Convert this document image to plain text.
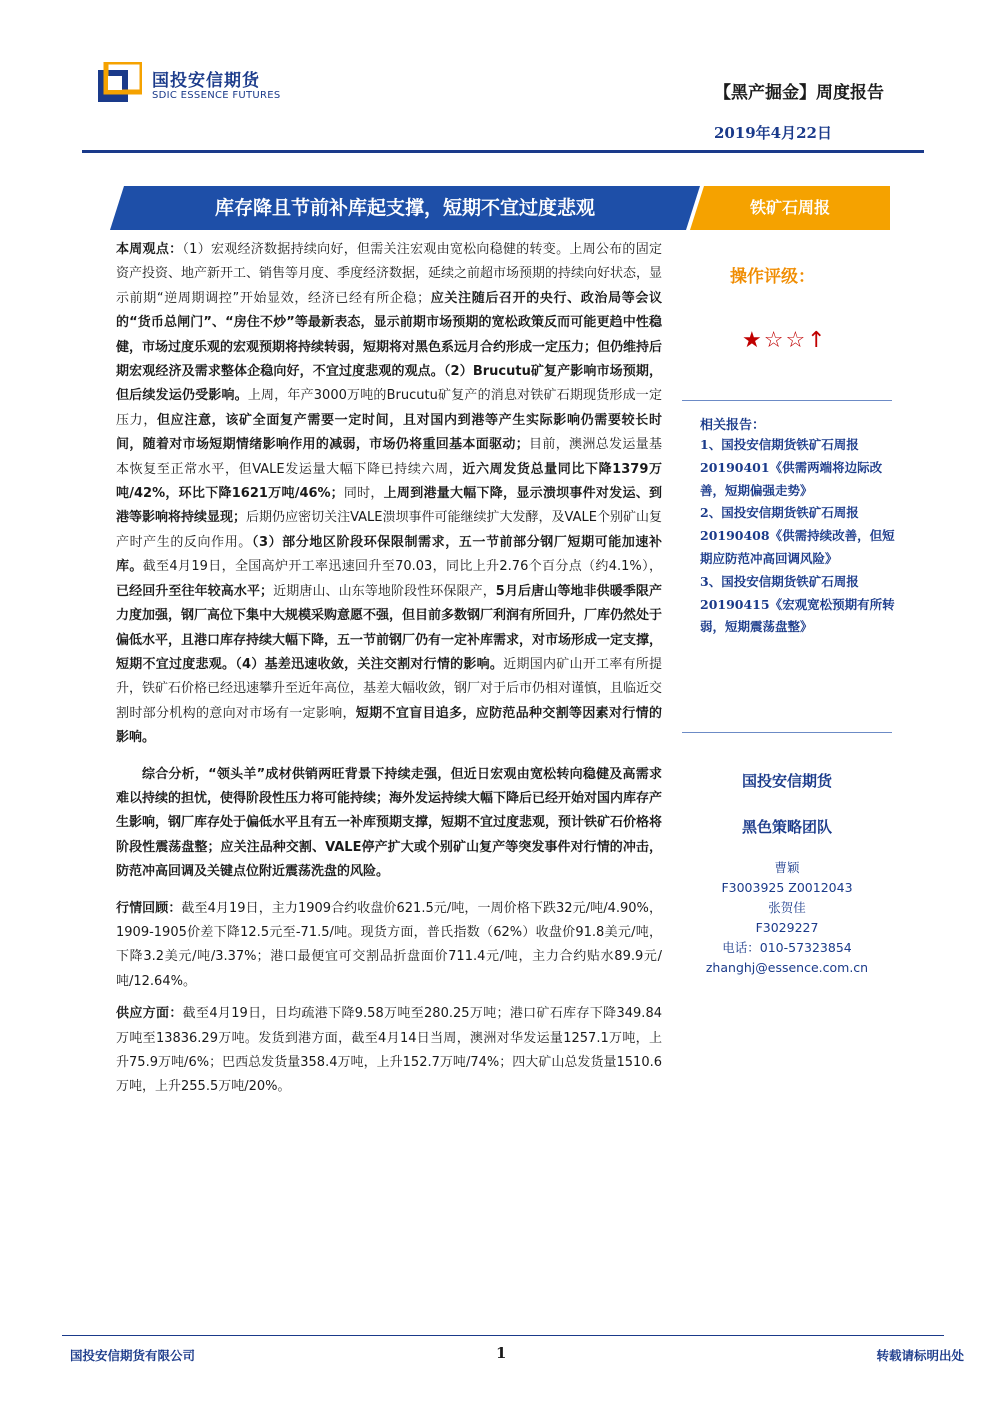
国投安信期货
SDIC ESSENCE FUTURES	【黑产掘金】周度报告
2019年4月22日
库存降且节前补库起支撑，短期不宜过度悲观	铁矿石周报

本周观点：（1）宏观经济数据持续向好，但需关注宏观由宽松向稳健的转变。上周公布的固定资产投资、地产新开工、销售等月度、季度经济数据，延续之前超市场预期的持续向好状态，显示前期“逆周期调控”开始显效，经济已经有所企稳；应关注随后召开的央行、政治局等会议的“货币总闸门”、“房住不炒”等最新表态，显示前期市场预期的宽松政策反而可能更趋中性稳健，市场过度乐观的宏观预期将持续转弱，短期将对黑色系远月合约形成一定压力；但仍维持后期宏观经济及需求整体企稳向好，不宜过度悲观的观点。（2）Brucutu矿复产影响市场预期，但后续发运仍受影响。上周，年产3000万吨的Brucutu矿复产的消息对铁矿石期现货形成一定压力，但应注意，该矿全面复产需要一定时间，且对国内到港等产生实际影响仍需要较长时间，随着对市场短期情绪影响作用的减弱，市场仍将重回基本面驱动；目前，澳洲总发运量基本恢复至正常水平，但VALE发运量大幅下降已持续六周，近六周发货总量同比下降1379万吨/42%，环比下降1621万吨/46%；同时，上周到港量大幅下降，显示溃坝事件对发运、到港等影响将持续显现；后期仍应密切关注VALE溃坝事件可能继续扩大发酵，及VALE个别矿山复产时产生的反向作用。（3）部分地区阶段环保限制需求，五一节前部分钢厂短期可能加速补库。截至4月19日，全国高炉开工率迅速回升至70.03，同比上升2.76个百分点（约4.1%），已经回升至往年较高水平；近期唐山、山东等地阶段性环保限产，5月后唐山等地非供暖季限产力度加强，钢厂高位下集中大规模采购意愿不强，但目前多数钢厂利润有所回升，厂库仍然处于偏低水平，且港口库存持续大幅下降，五一节前钢厂仍有一定补库需求，对市场形成一定支撑，短期不宜过度悲观。（4）基差迅速收敛，关注交割对行情的影响。近期国内矿山开工率有所提升，铁矿石价格已经迅速攀升至近年高位，基差大幅收敛，钢厂对于后市仍相对谨慎，且临近交割时部分机构的意向对市场有一定影响，短期不宜盲目追多，应防范品种交割等因素对行情的影响。

综合分析，“领头羊”成材供销两旺背景下持续走强，但近日宏观由宽松转向稳健及高需求难以持续的担忧，使得阶段性压力将可能持续；海外发运持续大幅下降后已经开始对国内库存产生影响，钢厂库存处于偏低水平且有五一补库预期支撑，短期不宜过度悲观，预计铁矿石价格将阶段性震荡盘整；应关注品种交割、VALE停产扩大或个别矿山复产等突发事件对行情的冲击，防范冲高回调及关键点位附近震荡洗盘的风险。

行情回顾：截至4月19日，主力1909合约收盘价621.5元/吨，一周价格下跌32元/吨/4.90%，1909-1905价差下降12.5元至-71.5/吨。现货方面，普氏指数（62%）收盘价91.8美元/吨，下降3.2美元/吨/3.37%；港口最便宜可交割品折盘面价711.4元/吨，主力合约贴水89.9元/吨/12.64%。

供应方面：截至4月19日，日均疏港下降9.58万吨至280.25万吨；港口矿石库存下降349.84万吨至13836.29万吨。发货到港方面，截至4月14日当周，澳洲对华发运量1257.1万吨，上升75.9万吨/6%；巴西总发货量358.4万吨，上升152.7万吨/74%；四大矿山总发货量1510.6万吨，上升255.5万吨/20%。

操作评级：
★☆☆↑
相关报告：
1、国投安信期货铁矿石周报20190401《供需两端将边际改善，短期偏强走势》
2、国投安信期货铁矿石周报20190408《供需持续改善，但短期应防范冲高回调风险》
3、国投安信期货铁矿石周报20190415《宏观宽松预期有所转弱，短期震荡盘整》
国投安信期货
黑色策略团队
曹颖
F3003925 Z0012043
张贺佳
F3029227
电话：010-57323854
zhanghj@essence.com.cn
国投安信期货有限公司	1	转载请标明出处
